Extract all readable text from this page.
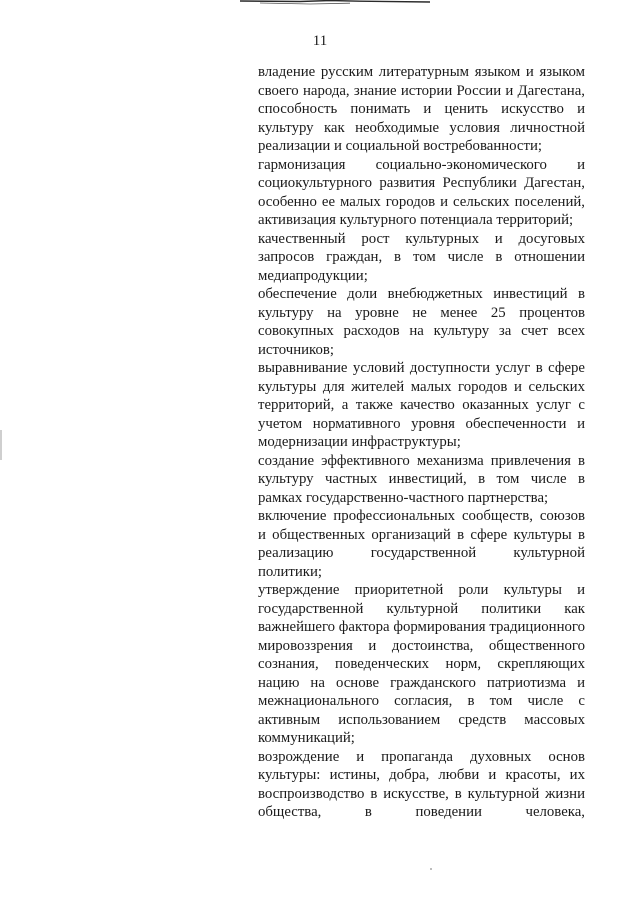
11

владение русским литературным языком и языком своего народа, знание истории России и Дагестана, способность понимать и ценить искусство и культуру как необходимые условия личностной реализации и социальной востребованности;

гармонизация социально-экономического и социокультурного развития Республики Дагестан, особенно ее малых городов и сельских поселений, активизация культурного потенциала территорий;

качественный рост культурных и досуговых запросов граждан, в том числе в отношении медиапродукции;

обеспечение доли внебюджетных инвестиций в культуру на уровне не менее 25 процентов совокупных расходов на культуру за счет всех источников;

выравнивание условий доступности услуг в сфере культуры для жителей малых городов и сельских территорий, а также качество оказанных услуг с учетом нормативного уровня обеспеченности и модернизации инфраструктуры;

создание эффективного механизма привлечения в культуру частных инвестиций, в том числе в рамках государственно-частного партнерства;

включение профессиональных сообществ, союзов и общественных организаций в сфере культуры в реализацию государственной культурной политики;

утверждение приоритетной роли культуры и государственной культурной политики как важнейшего фактора формирования традиционного мировоззрения и достоинства, общественного сознания, поведенческих норм, скрепляющих нацию на основе гражданского патриотизма и межнационального согласия, в том числе с активным использованием средств массовых коммуникаций;

возрождение и пропаганда духовных основ культуры: истины, добра, любви и красоты, их воспроизводство в искусстве, в культурной жизни общества, в поведении человека,
